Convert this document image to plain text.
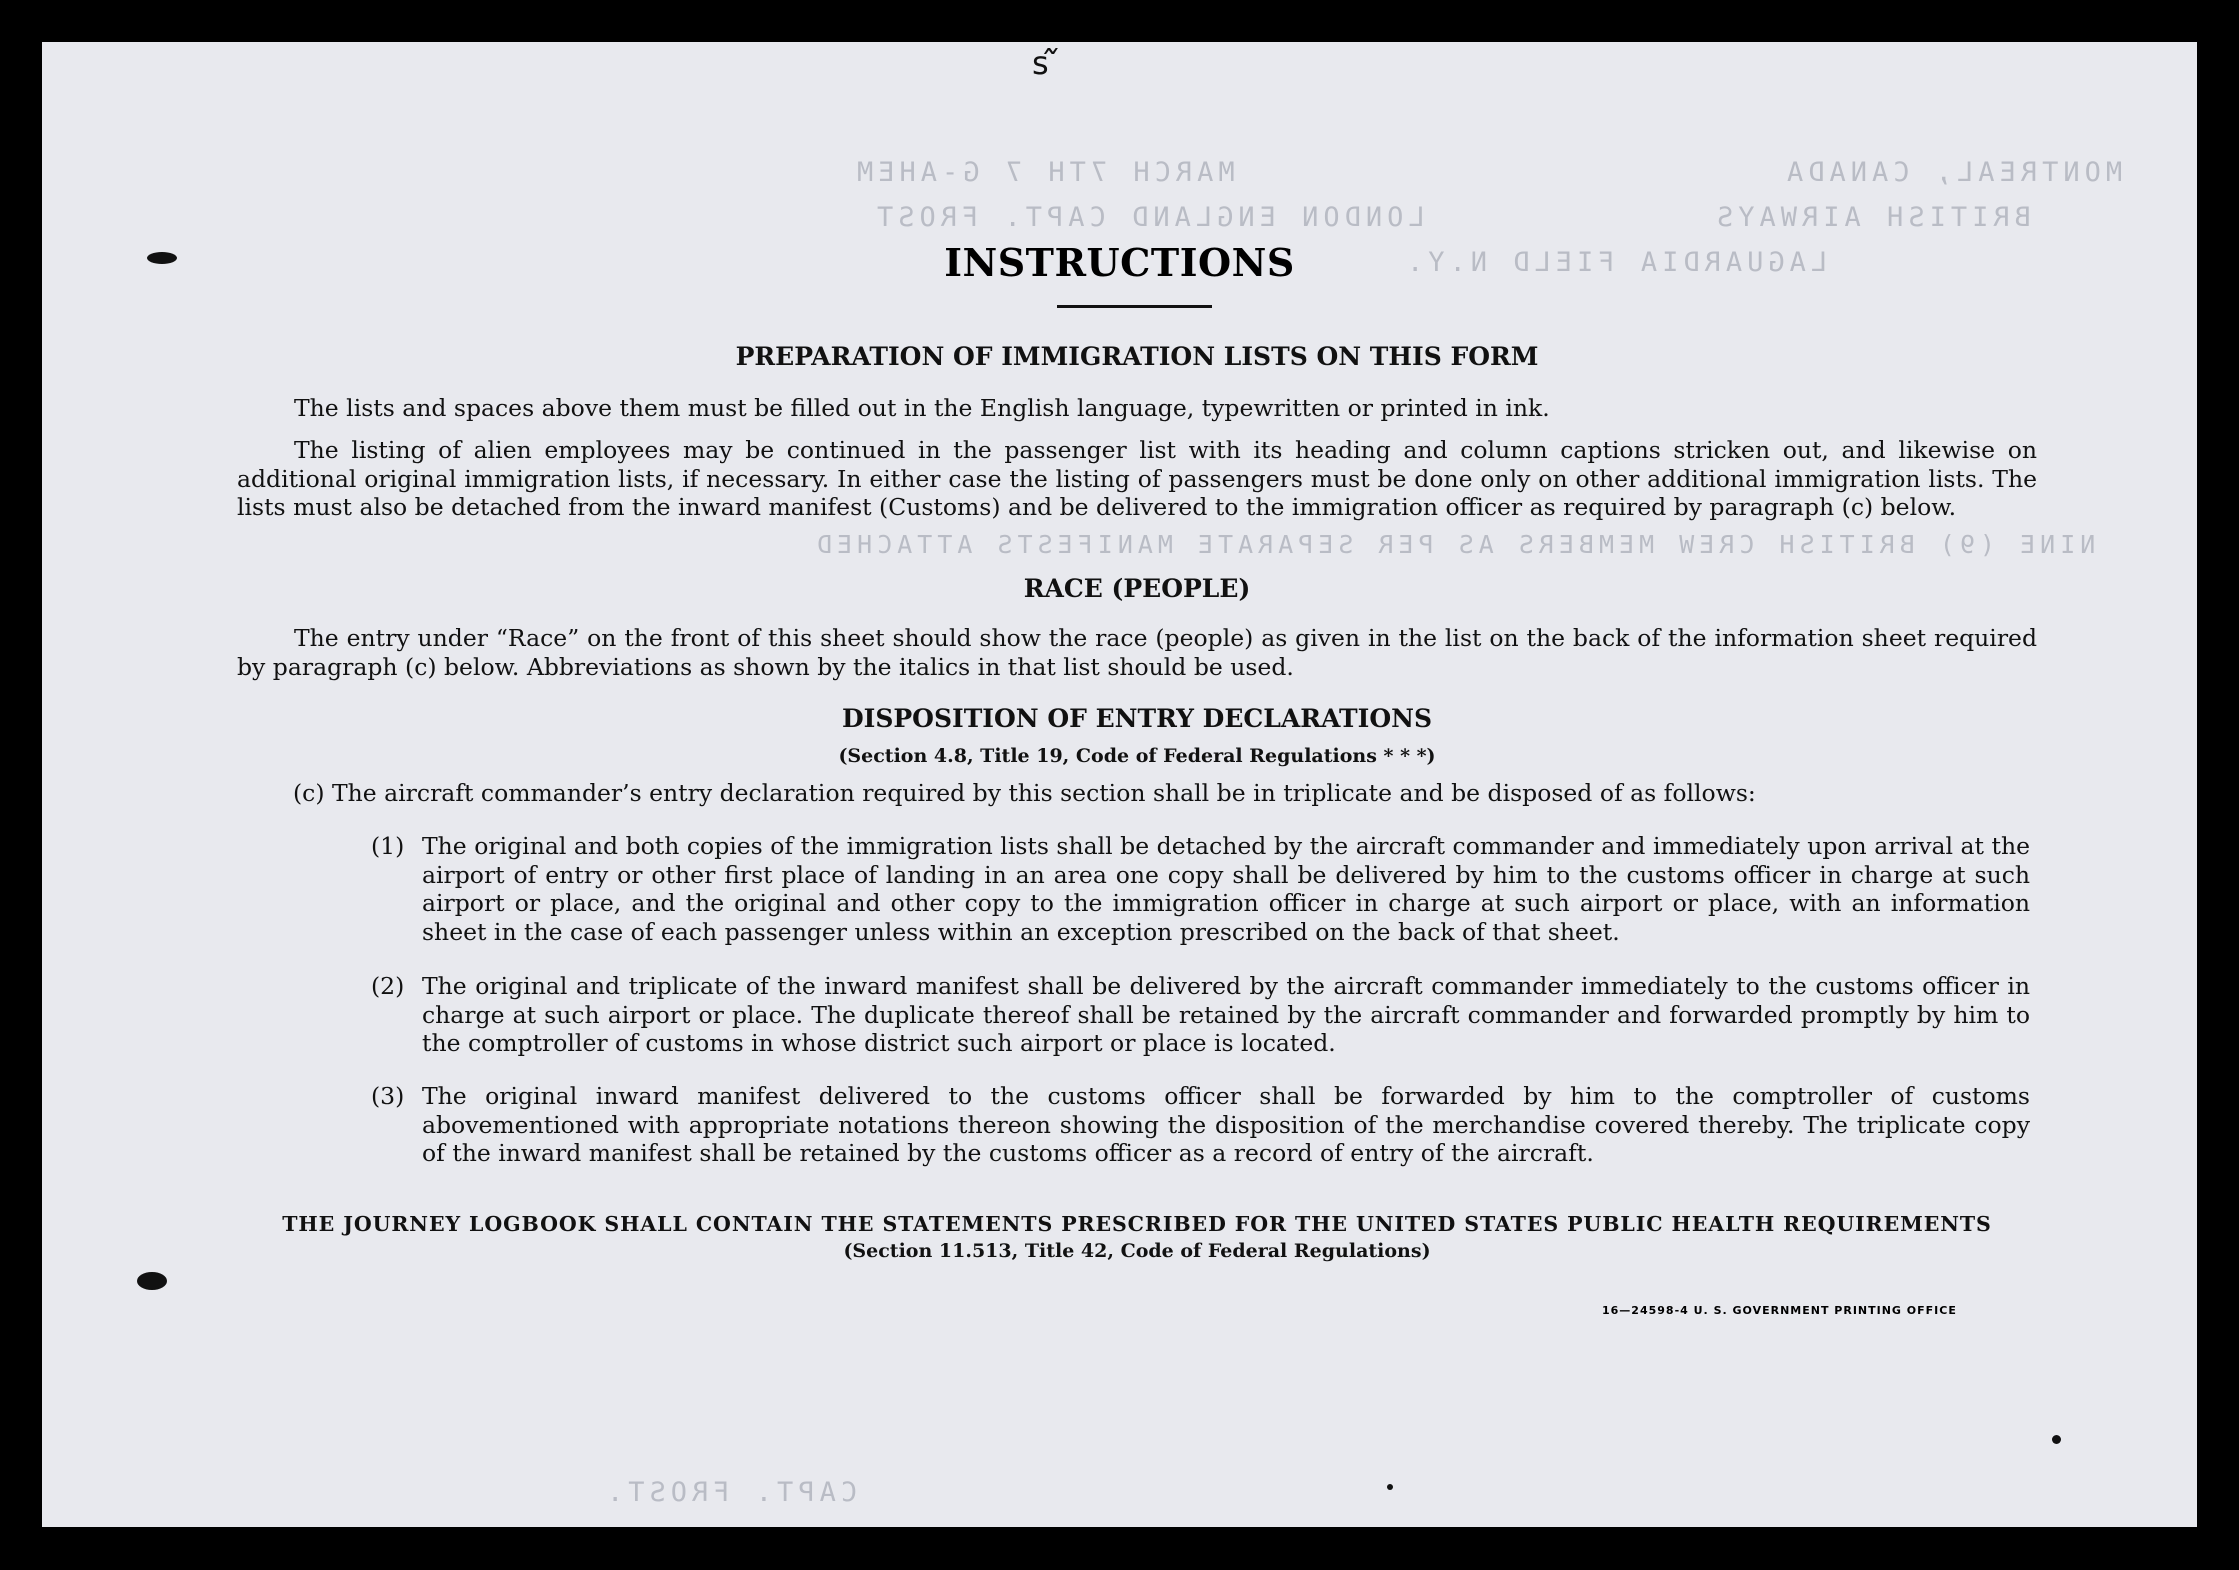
MONTREAL, CANADA
BRITISH AIRWAYS
MARCH 7TH 7 G-AHEM
LONDON ENGLAND CAPT. FROST
LAGUARDIA FIELD N.Y.
NINE (9) BRITISH CREW MEMBERS AS PER SEPARATE MANIFESTS ATTACHED
CAPT. FROST.
ꜱ ᷉
INSTRUCTIONS
PREPARATION OF IMMIGRATION LISTS ON THIS FORM
The lists and spaces above them must be filled out in the English language, typewritten or printed in ink.
The listing of alien employees may be continued in the passenger list with its heading and column captions stricken out, and likewise on additional original immigration lists, if necessary. In either case the listing of passengers must be done only on other additional immigration lists. The lists must also be detached from the inward manifest (Customs) and be delivered to the immigration officer as required by paragraph (c) below.
RACE (PEOPLE)
The entry under “Race” on the front of this sheet should show the race (people) as given in the list on the back of the information sheet required by paragraph (c) below. Abbreviations as shown by the italics in that list should be used.
DISPOSITION OF ENTRY DECLARATIONS
(Section 4.8, Title 19, Code of Federal Regulations * * *)
(c) The aircraft commander’s entry declaration required by this section shall be in triplicate and be disposed of as follows:
(1) The original and both copies of the immigration lists shall be detached by the aircraft commander and immediately upon arrival at the airport of entry or other first place of landing in an area one copy shall be delivered by him to the customs officer in charge at such airport or place, and the original and other copy to the immigration officer in charge at such airport or place, with an information sheet in the case of each passenger unless within an exception prescribed on the back of that sheet.
(2) The original and triplicate of the inward manifest shall be delivered by the aircraft commander immediately to the customs officer in charge at such airport or place. The duplicate thereof shall be retained by the aircraft commander and forwarded promptly by him to the comptroller of customs in whose district such airport or place is located.
(3) The original inward manifest delivered to the customs officer shall be forwarded by him to the comptroller of customs abovementioned with appropriate notations thereon showing the disposition of the merchandise covered thereby. The triplicate copy of the inward manifest shall be retained by the customs officer as a record of entry of the aircraft.
THE JOURNEY LOGBOOK SHALL CONTAIN THE STATEMENTS PRESCRIBED FOR THE UNITED STATES PUBLIC HEALTH REQUIREMENTS
(Section 11.513, Title 42, Code of Federal Regulations)
16—24598‑4 U. S. GOVERNMENT PRINTING OFFICE
